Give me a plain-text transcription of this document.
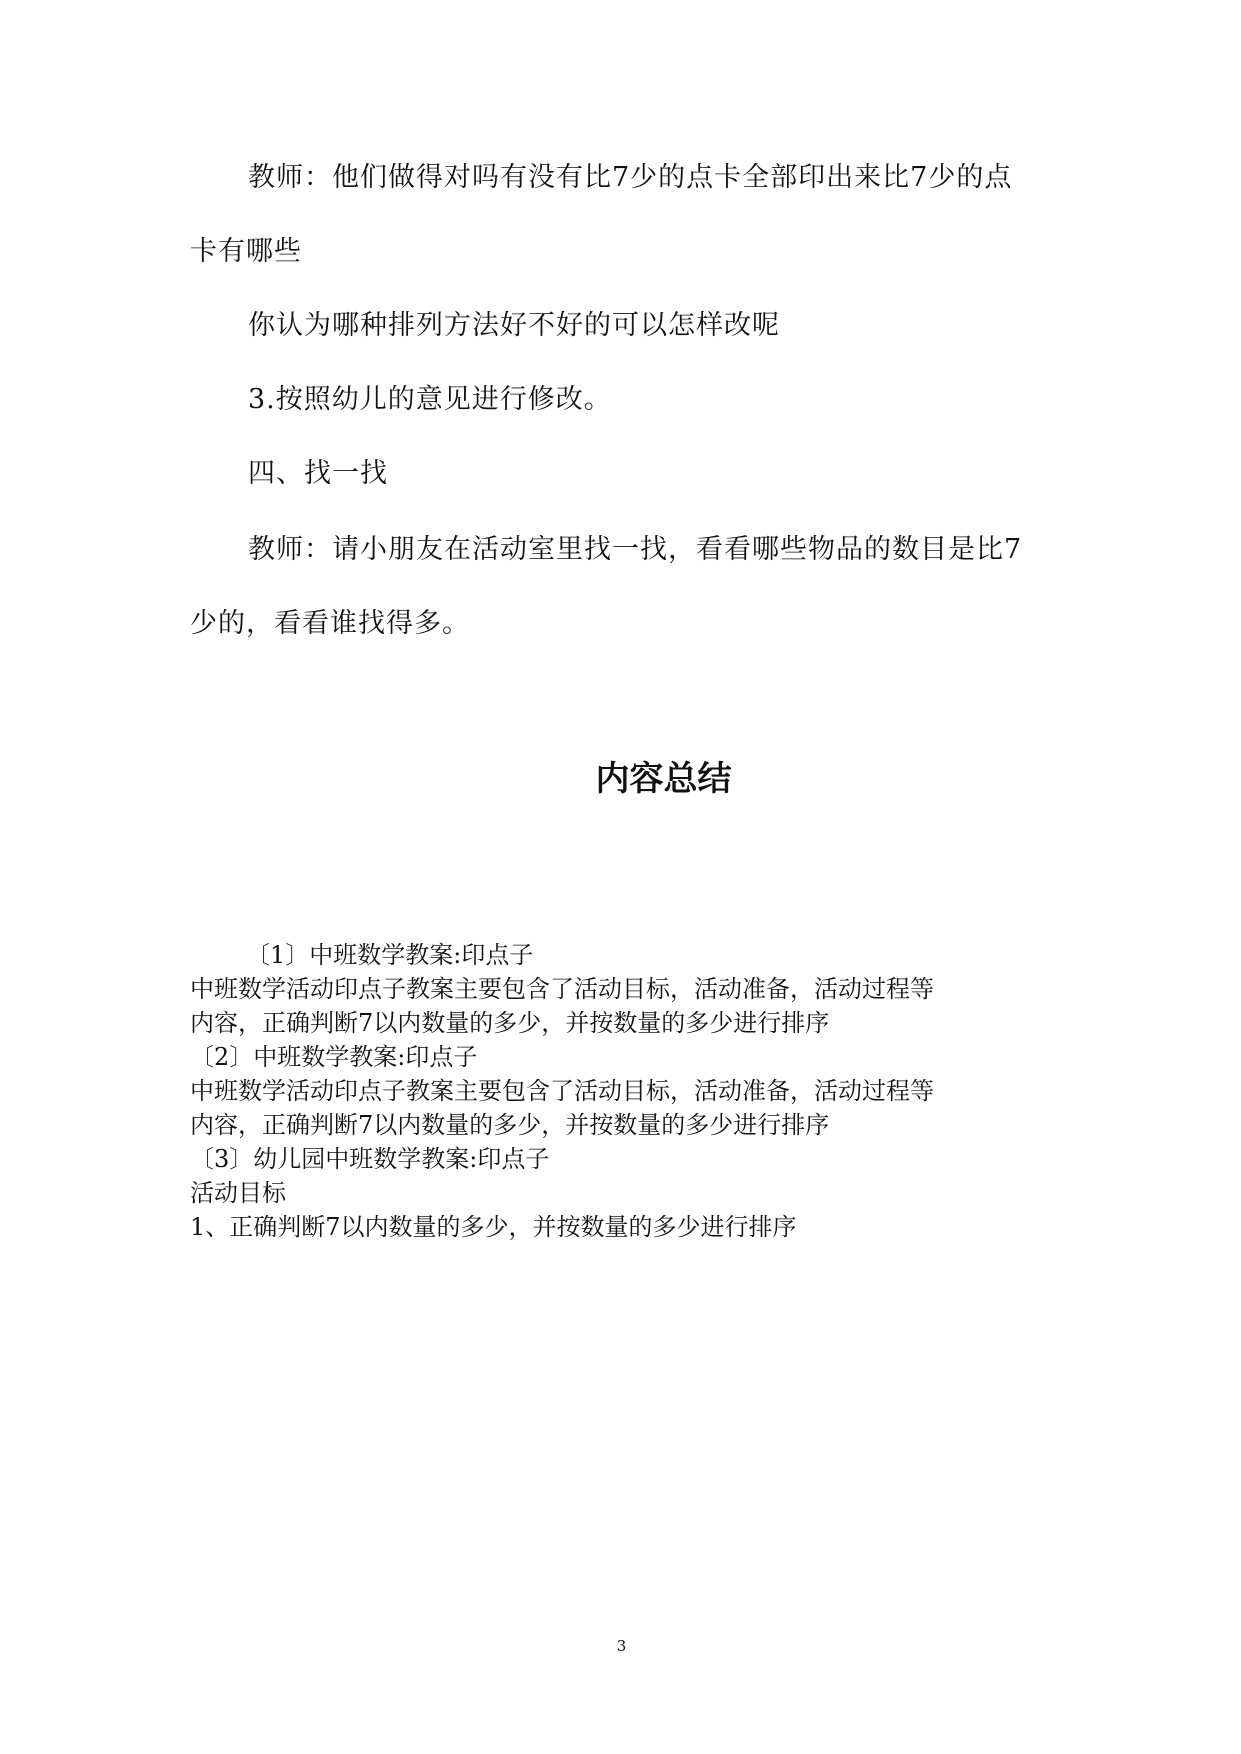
教师：他们做得对吗有没有比7少的点卡全部印出来比7少的点
卡有哪些
你认为哪种排列方法好不好的可以怎样改呢
3.按照幼儿的意见进行修改。
四、找一找
教师：请小朋友在活动室里找一找，看看哪些物品的数目是比7
少的，看看谁找得多。
内容总结
〔1〕中班数学教案:印点子
中班数学活动印点子教案主要包含了活动目标，活动准备，活动过程等
内容，正确判断7以内数量的多少，并按数量的多少进行排序
〔2〕中班数学教案:印点子
中班数学活动印点子教案主要包含了活动目标，活动准备，活动过程等
内容，正确判断7以内数量的多少，并按数量的多少进行排序
〔3〕幼儿园中班数学教案:印点子
活动目标
1、正确判断7以内数量的多少，并按数量的多少进行排序
3
